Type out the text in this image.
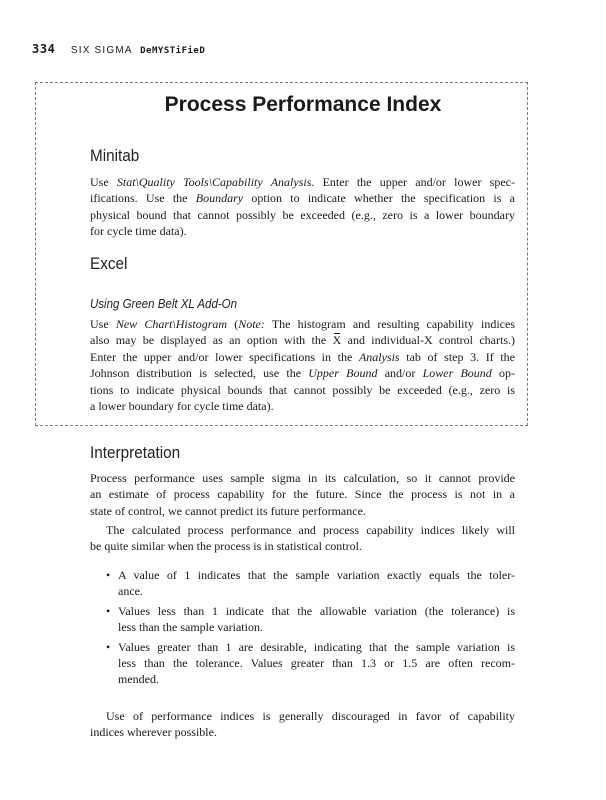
334 SIX SIGMA DeMYSTiFieD
Process Performance Index
Minitab
Use Stat\Quality Tools\Capability Analysis. Enter the upper and/or lower spec-
ifications. Use the Boundary option to indicate whether the specification is a
physical bound that cannot possibly be exceeded (e.g., zero is a lower boundary
for cycle time data).
Excel
Using Green Belt XL Add-On
Use New Chart\Histogram (Note: The histogram and resulting capability indices
also may be displayed as an option with the X and individual-X control charts.)
Enter the upper and/or lower specifications in the Analysis tab of step 3. If the
Johnson distribution is selected, use the Upper Bound and/or Lower Bound op-
tions to indicate physical bounds that cannot possibly be exceeded (e.g., zero is
a lower boundary for cycle time data).
Interpretation
Process performance uses sample sigma in its calculation, so it cannot provide
an estimate of process capability for the future. Since the process is not in a
state of control, we cannot predict its future performance.
The calculated process performance and process capability indices likely will
be quite similar when the process is in statistical control.
• A value of 1 indicates that the sample variation exactly equals the toler-
ance.
• Values less than 1 indicate that the allowable variation (the tolerance) is
less than the sample variation.
• Values greater than 1 are desirable, indicating that the sample variation is
less than the tolerance. Values greater than 1.3 or 1.5 are often recom-
mended.
Use of performance indices is generally discouraged in favor of capability
indices wherever possible.
